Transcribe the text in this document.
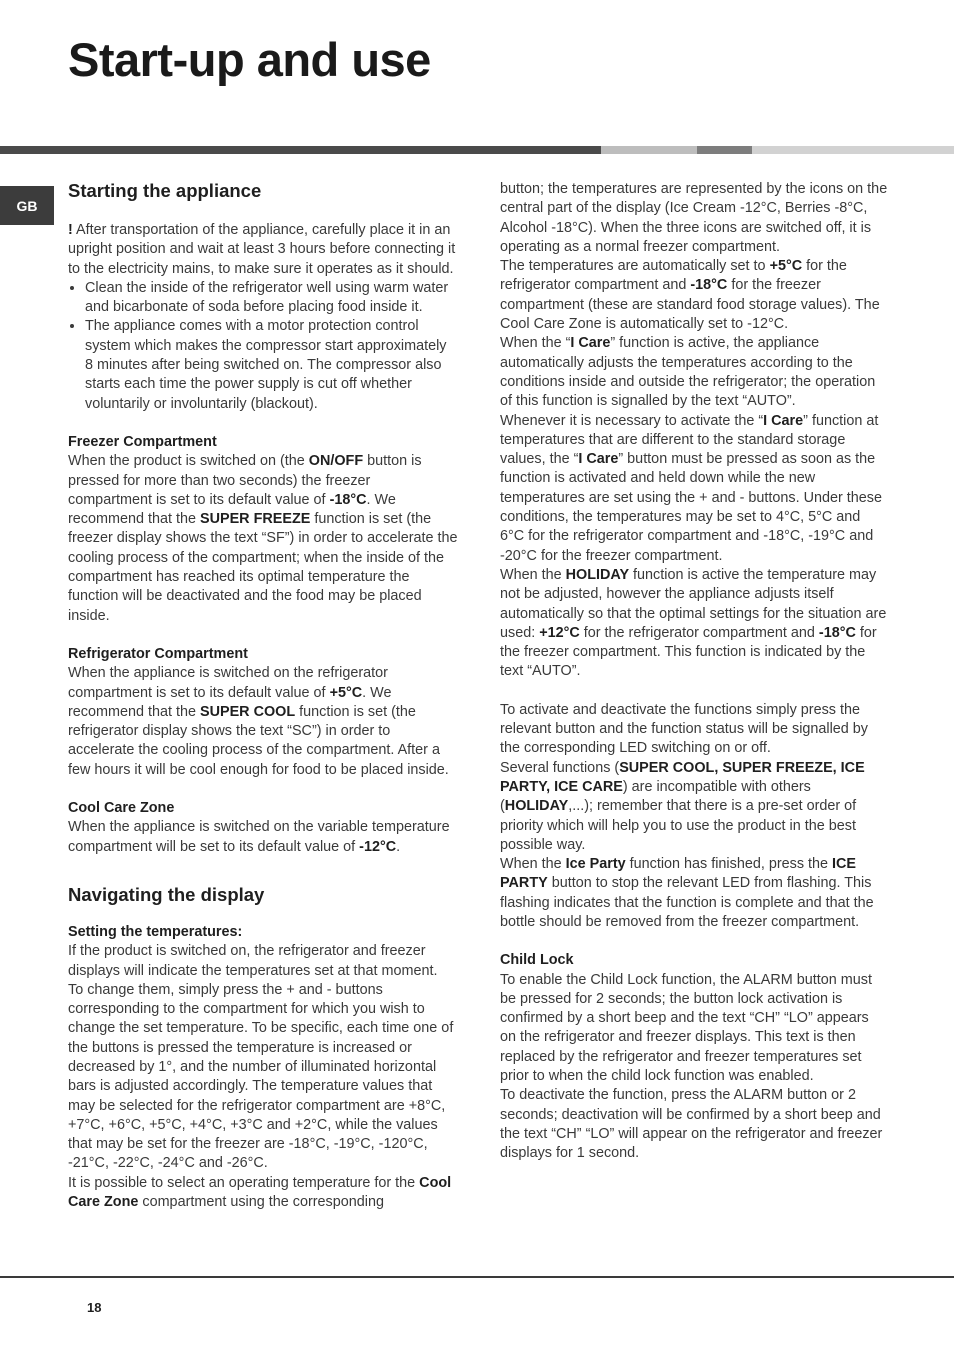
Start-up and use
GB
Starting the appliance

! After transportation of the appliance, carefully place it in an upright position and wait at least 3 hours before connecting it to the electricity mains, to make sure it operates as it should.

• Clean the inside of the refrigerator well using warm water and bicarbonate of soda before placing food inside it.
• The appliance comes with a motor protection control system which makes the compressor start approximately 8 minutes after being switched on. The compressor also starts each time the power supply is cut off whether voluntarily or involuntarily (blackout).

Freezer Compartment

When the product is switched on (the ON/OFF button is pressed for more than two seconds) the freezer compartment is set to its default value of -18°C. We recommend that the SUPER FREEZE function is set (the freezer display shows the text “SF”) in order to accelerate the cooling process of the compartment; when the inside of the compartment has reached its optimal temperature the function will be deactivated and the food may be placed inside.

Refrigerator Compartment

When the appliance is switched on the refrigerator compartment is set to its default value of +5°C. We recommend that the SUPER COOL function is set (the refrigerator display shows the text “SC”) in order to accelerate the cooling process of the compartment. After a few hours it will be cool enough for food to be placed inside.

Cool Care Zone

When the appliance is switched on the variable temperature compartment will be set to its default value of -12°C.

Navigating the display

Setting the temperatures:

If the product is switched on, the refrigerator and freezer displays will indicate the temperatures set at that moment.

To change them, simply press the + and - buttons corresponding to the compartment for which you wish to change the set temperature. To be specific, each time one of the buttons is pressed the temperature is increased or decreased by 1°, and the number of illuminated horizontal bars is adjusted accordingly. The temperature values that may be selected for the refrigerator compartment are +8°C, +7°C, +6°C, +5°C, +4°C, +3°C and +2°C, while the values that may be set for the freezer are -18°C, -19°C, -120°C, -21°C, -22°C, -24°C and -26°C.

It is possible to select an operating temperature for the Cool Care Zone compartment using the corresponding

button; the temperatures are represented by the icons on the central part of the display (Ice Cream -12°C, Berries -8°C, Alcohol -18°C). When the three icons are switched off, it is operating as a normal freezer compartment.

The temperatures are automatically set to +5°C for the refrigerator compartment and -18°C for the freezer compartment (these are standard food storage values). The Cool Care Zone is automatically set to -12°C.

When the “I Care” function is active, the appliance automatically adjusts the temperatures according to the conditions inside and outside the refrigerator; the operation of this function is signalled by the text “AUTO”.

Whenever it is necessary to activate the “I Care” function at temperatures that are different to the standard storage values, the “I Care” button must be pressed as soon as the function is activated and held down while the new temperatures are set using the + and - buttons. Under these conditions, the temperatures may be set to 4°C, 5°C and 6°C for the refrigerator compartment and -18°C, -19°C and -20°C for the freezer compartment.

When the HOLIDAY function is active the temperature may not be adjusted, however the appliance adjusts itself automatically so that the optimal settings for the situation are used: +12°C for the refrigerator compartment and -18°C for the freezer compartment. This function is indicated by the text “AUTO”.

To activate and deactivate the functions simply press the relevant button and the function status will be signalled by the corresponding LED switching on or off.

Several functions (SUPER COOL, SUPER FREEZE, ICE PARTY, ICE CARE) are incompatible with others (HOLIDAY,...); remember that there is a pre-set order of priority which will help you to use the product in the best possible way.

When the Ice Party function has finished, press the ICE PARTY button to stop the relevant LED from flashing. This flashing indicates that the function is complete and that the bottle should be removed from the freezer compartment.

Child Lock

To enable the Child Lock function, the ALARM button must be pressed for 2 seconds; the button lock activation is confirmed by a short beep and the text “CH” “LO” appears on the refrigerator and freezer displays. This text is then replaced by the refrigerator and freezer temperatures set prior to when the child lock function was enabled.

To deactivate the function, press the ALARM button or 2 seconds; deactivation will be confirmed by a short beep and the text “CH” “LO” will appear on the refrigerator and freezer displays for 1 second.

18
